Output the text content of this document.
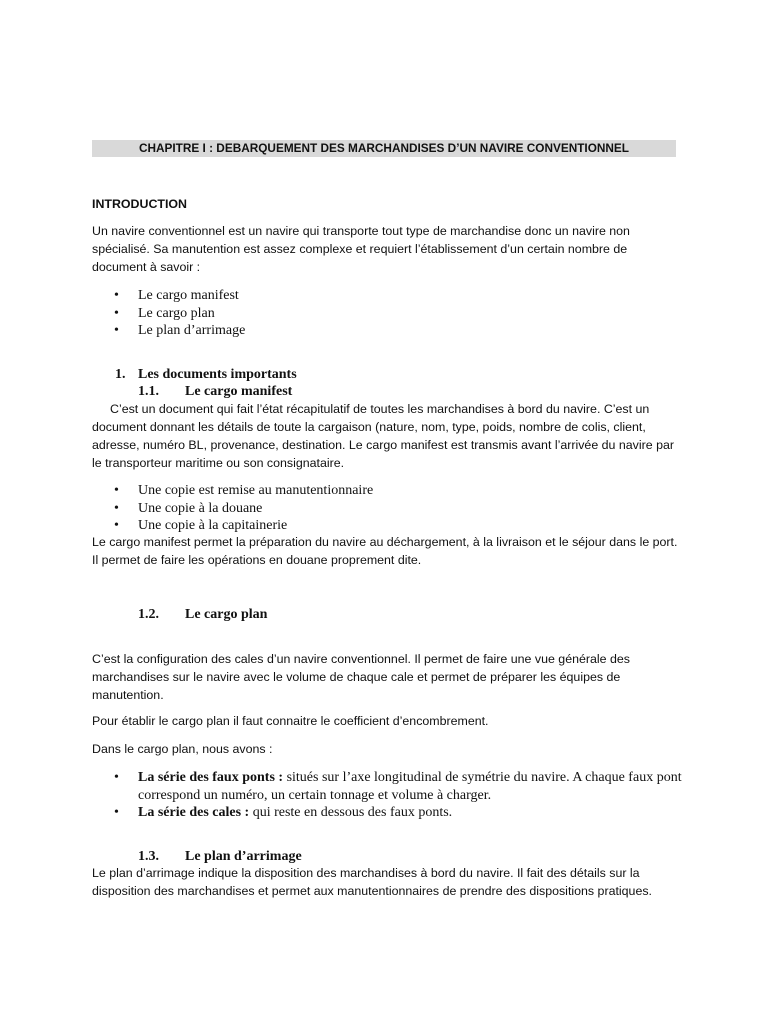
CHAPITRE I : DEBARQUEMENT DES MARCHANDISES D’UN NAVIRE CONVENTIONNEL
INTRODUCTION

Un navire conventionnel est un navire qui transporte tout type de marchandise donc un navire non spécialisé. Sa manutention est assez complexe et requiert l’établissement d’un certain nombre de document à savoir :

• Le cargo manifest
• Le cargo plan
• Le plan d’arrimage
1. Les documents importants
1.1. Le cargo manifest

C’est un document qui fait l’état récapitulatif de toutes les marchandises à bord du navire. C’est un document donnant les détails de toute la cargaison (nature, nom, type, poids, nombre de colis, client, adresse, numéro BL, provenance, destination. Le cargo manifest est transmis avant l’arrivée du navire par le transporteur maritime ou son consignataire.

• Une copie est remise au manutentionnaire
• Une copie à la douane
• Une copie à la capitainerie

Le cargo manifest permet la préparation du navire au déchargement, à la livraison et le séjour dans le port. Il permet de faire les opérations en douane proprement dite.

1.2. Le cargo plan

C’est la configuration des cales d’un navire conventionnel. Il permet de faire une vue générale des marchandises sur le navire avec le volume de chaque cale et permet de préparer les équipes de manutention.

Pour établir le cargo plan il faut connaitre le coefficient d’encombrement.

Dans le cargo plan, nous avons :

• La série des faux ponts : situés sur l’axe longitudinal de symétrie du navire. A chaque faux pont correspond un numéro, un certain tonnage et volume à charger.
• La série des cales : qui reste en dessous des faux ponts.
1.3. Le plan d’arrimage

Le plan d’arrimage indique la disposition des marchandises à bord du navire. Il fait des détails sur la disposition des marchandises et permet aux manutentionnaires de prendre des dispositions pratiques.
